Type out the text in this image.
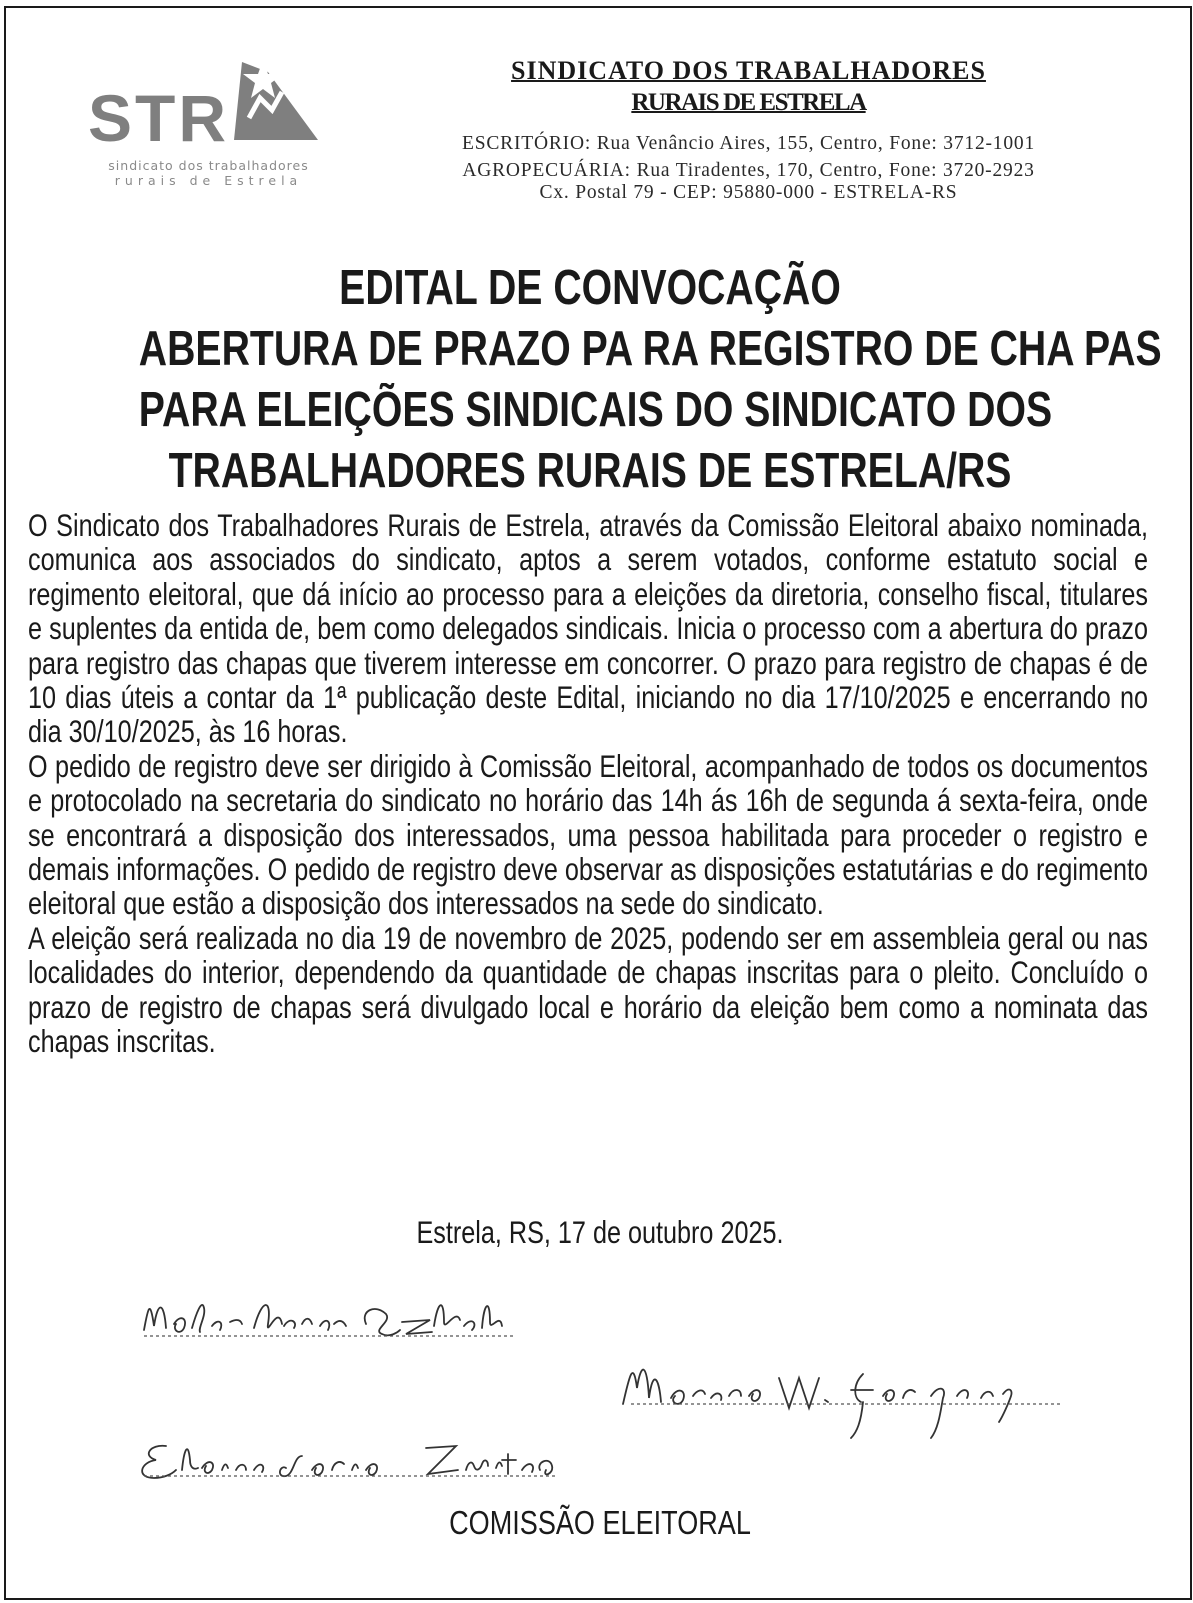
STR
sindicato dos trabalhadores
rurais de Estrela
SINDICATO DOS TRABALHADORES
RURAIS DE ESTRELA
ESCRITÓRIO: Rua Venâncio Aires, 155, Centro, Fone: 3712-1001
AGROPECUÁRIA: Rua Tiradentes, 170, Centro, Fone: 3720-2923
Cx. Postal 79 - CEP: 95880-000 - ESTRELA-RS
EDITAL DE CONVOCAÇÃO
ABERTURA DE PRAZO PA RA REGISTRO DE CHA PAS
PARA ELEIÇÕES SINDICAIS DO SINDICATO DOS
TRABALHADORES RURAIS DE ESTRELA/RS

O Sindicato dos Trabalhadores Rurais de Estrela, através da Comissão Eleitoral abaixo nominada, comunica aos associados do sindicato, aptos a serem votados, conforme estatuto social e regimento eleitoral, que dá início ao processo para a eleições da diretoria, conselho fiscal, titulares e suplentes da entida de, bem como delegados sindicais. Inicia o processo com a abertura do prazo para registro das chapas que tiverem interesse em concorrer. O prazo para registro de chapas é de 10 dias úteis a contar da 1ª publicação deste Edital, iniciando no dia 17/10/2025 e encerrando no dia 30/10/2025, às 16 horas.

O pedido de registro deve ser dirigido à Comissão Eleitoral, acompanhado de todos os documentos e protocolado na secretaria do sindicato no horário das 14h ás 16h de segunda á sexta-feira, onde se encontrará a disposição dos interessados, uma pessoa habilitada para proceder o registro e demais informações. O pedido de registro deve observar as disposições estatutárias e do regimento eleitoral que estão a disposição dos interessados na sede do sindicato.

A eleição será realizada no dia 19 de novembro de 2025, podendo ser em assembleia geral ou nas localidades do interior, dependendo da quantidade de chapas inscritas para o pleito. Concluído o prazo de registro de chapas será divulgado local e horário da eleição bem como a nominata das chapas inscritas.

Estrela, RS, 17 de outubro 2025.
COMISSÃO ELEITORAL
